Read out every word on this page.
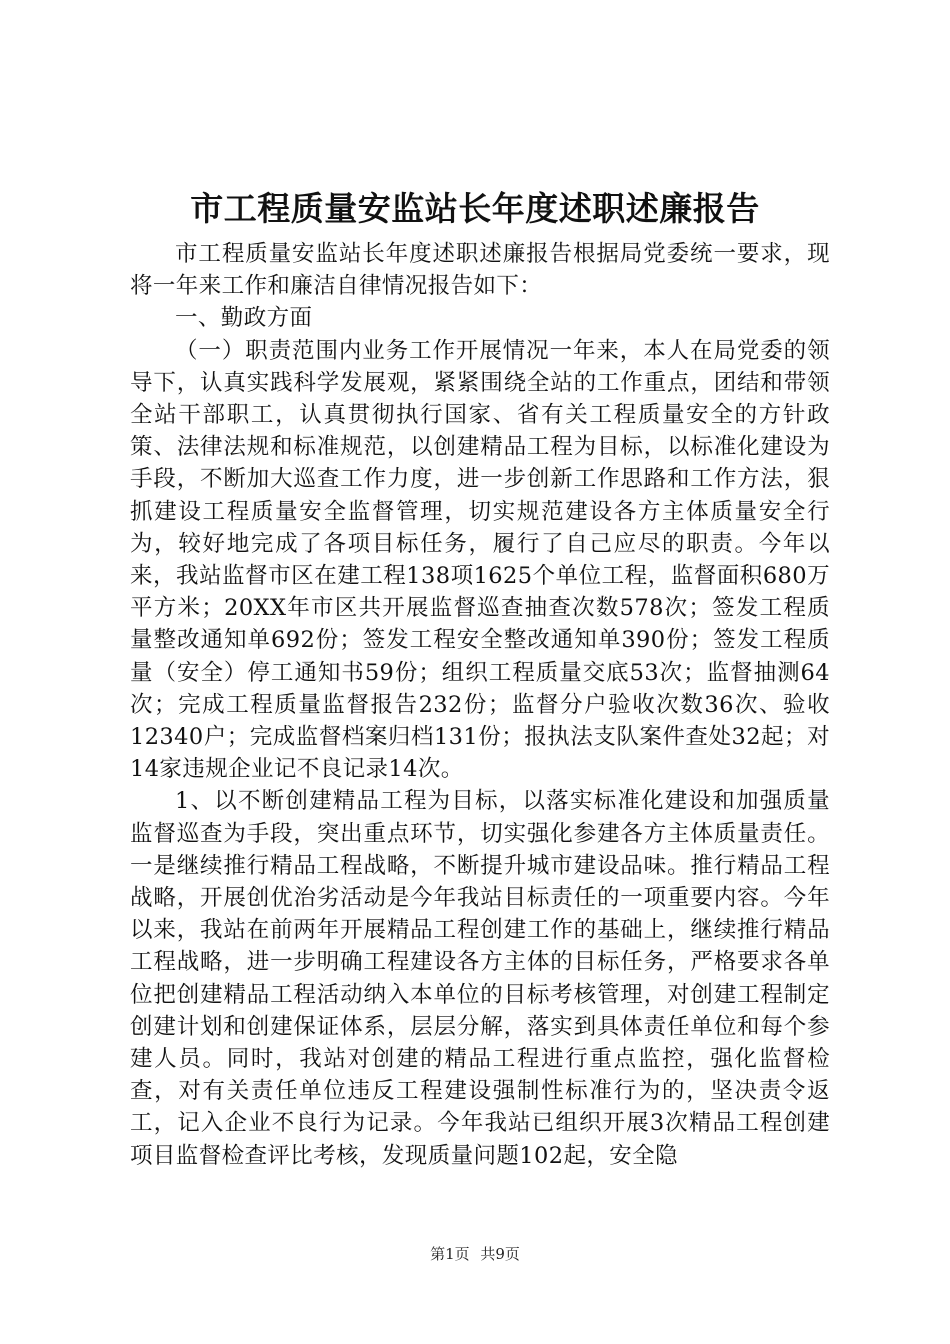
市工程质量安监站长年度述职述廉报告

市工程质量安监站长年度述职述廉报告根据局党委统一要求，现将一年来工作和廉洁自律情况报告如下：

一、勤政方面

（一）职责范围内业务工作开展情况一年来，本人在局党委的领导下，认真实践科学发展观，紧紧围绕全站的工作重点，团结和带领全站干部职工，认真贯彻执行国家、省有关工程质量安全的方针政策、法律法规和标准规范，以创建精品工程为目标，以标准化建设为手段，不断加大巡查工作力度，进一步创新工作思路和工作方法，狠抓建设工程质量安全监督管理，切实规范建设各方主体质量安全行为，较好地完成了各项目标任务，履行了自己应尽的职责。今年以来，我站监督市区在建工程138项1625个单位工程，监督面积680万平方米；20XX年市区共开展监督巡查抽查次数578次；签发工程质量整改通知单692份；签发工程安全整改通知单390份；签发工程质量（安全）停工通知书59份；组织工程质量交底53次；监督抽测64次；完成工程质量监督报告232份；监督分户验收次数36次、验收12340户；完成监督档案归档131份；报执法支队案件查处32起；对14家违规企业记不良记录14次。

1、以不断创建精品工程为目标，以落实标准化建设和加强质量监督巡查为手段，突出重点环节，切实强化参建各方主体质量责任。一是继续推行精品工程战略，不断提升城市建设品味。推行精品工程战略，开展创优治劣活动是今年我站目标责任的一项重要内容。今年以来，我站在前两年开展精品工程创建工作的基础上，继续推行精品工程战略，进一步明确工程建设各方主体的目标任务，严格要求各单位把创建精品工程活动纳入本单位的目标考核管理，对创建工程制定创建计划和创建保证体系，层层分解，落实到具体责任单位和每个参建人员。同时，我站对创建的精品工程进行重点监控，强化监督检查，对有关责任单位违反工程建设强制性标准行为的，坚决责令返工，记入企业不良行为记录。今年我站已组织开展3次精品工程创建项目监督检查评比考核，发现质量问题102起，安全隐

第1页 共9页
